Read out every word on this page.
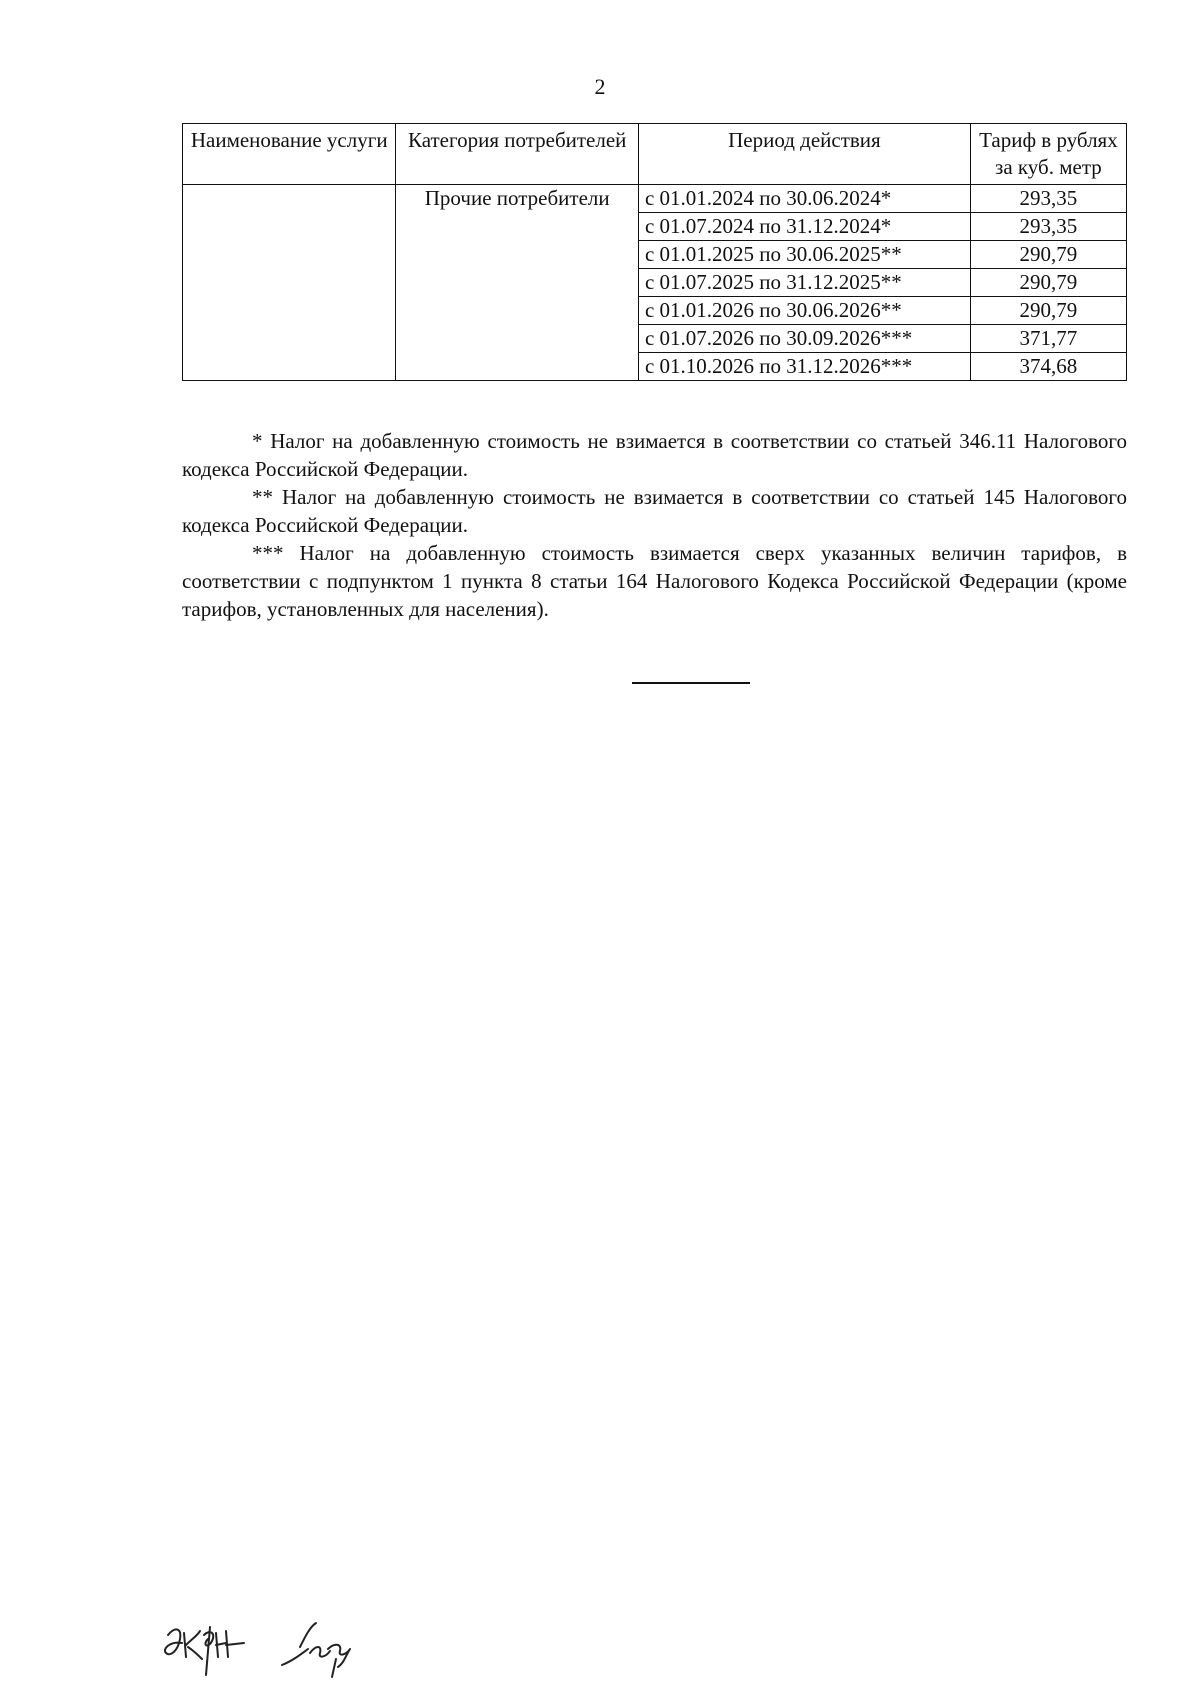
2
Наименование услуги	Категория потребителей	Период действия	Тариф в рублях за куб. метр
	Прочие потребители	с 01.01.2024 по 30.06.2024*	293,35
		с 01.07.2024 по 31.12.2024*	293,35
		с 01.01.2025 по 30.06.2025**	290,79
		с 01.07.2025 по 31.12.2025**	290,79
		с 01.01.2026 по 30.06.2026**	290,79
		с 01.07.2026 по 30.09.2026***	371,77
		с 01.10.2026 по 31.12.2026***	374,68

* Налог на добавленную стоимость не взимается в соответствии со статьей 346.11 Налогового кодекса Российской Федерации.

** Налог на добавленную стоимость не взимается в соответствии со статьей 145 Налогового кодекса Российской Федерации.

*** Налог на добавленную стоимость взимается сверх указанных величин тарифов, в соответствии с подпунктом 1 пункта 8 статьи 164 Налогового Кодекса Российской Федерации (кроме тарифов, установленных для населения).
